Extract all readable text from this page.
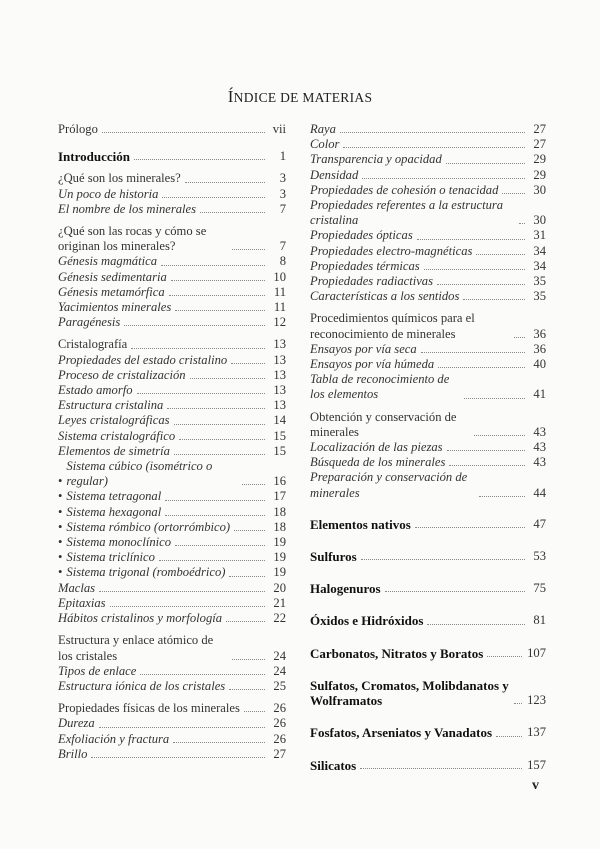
ÍNDICE DE MATERIAS
Prólogo	vii
Introducción	1
¿Qué son los minerales?	3
Un poco de historia	3
El nombre de los minerales	7
¿Qué son las rocas y cómo se originan los minerales?	7
Génesis magmática	8
Génesis sedimentaria	10
Génesis metamórfica	11
Yacimientos minerales	11
Paragénesis	12
Cristalografía	13
Propiedades del estado cristalino	13
Proceso de cristalización	13
Estado amorfo	13
Estructura cristalina	13
Leyes cristalográficas	14
Sistema cristalográfico	15
Elementos de simetría	15
•
Sistema cúbico (isométrico o regular)	16
• Sistema tetragonal	17
• Sistema hexagonal	18
• Sistema rómbico (ortorrómbico)	18
• Sistema monoclínico	19
• Sistema triclínico	19
• Sistema trigonal (romboédrico)	19
Maclas	20
Epitaxias	21
Hábitos cristalinos y morfología	22
Estructura y enlace atómico de los cristales	24
Tipos de enlace	24
Estructura iónica de los cristales	25
Propiedades físicas de los minerales	26
Dureza	26
Exfoliación y fractura	26
Brillo	27
Raya	27
Color	27
Transparencia y opacidad	29
Densidad	29
Propiedades de cohesión o tenacidad	30
Propiedades referentes a la estructura cristalina	30
Propiedades ópticas	31
Propiedades electro-magnéticas	34
Propiedades térmicas	34
Propiedades radiactivas	35
Características a los sentidos	35
Procedimientos químicos para el reconocimiento de minerales	36
Ensayos por vía seca	36
Ensayos por vía húmeda	40
Tabla de reconocimiento de los elementos	41
Obtención y conservación de minerales	43
Localización de las piezas	43
Búsqueda de los minerales	43
Preparación y conservación de minerales	44
Elementos nativos	47
Sulfuros	53
Halogenuros	75
Óxidos e Hidróxidos	81
Carbonatos, Nitratos y Boratos	107
Sulfatos, Cromatos, Molibdanatos y Wolframatos	123
Fosfatos, Arseniatos y Vanadatos	137
Silicatos	157
v
